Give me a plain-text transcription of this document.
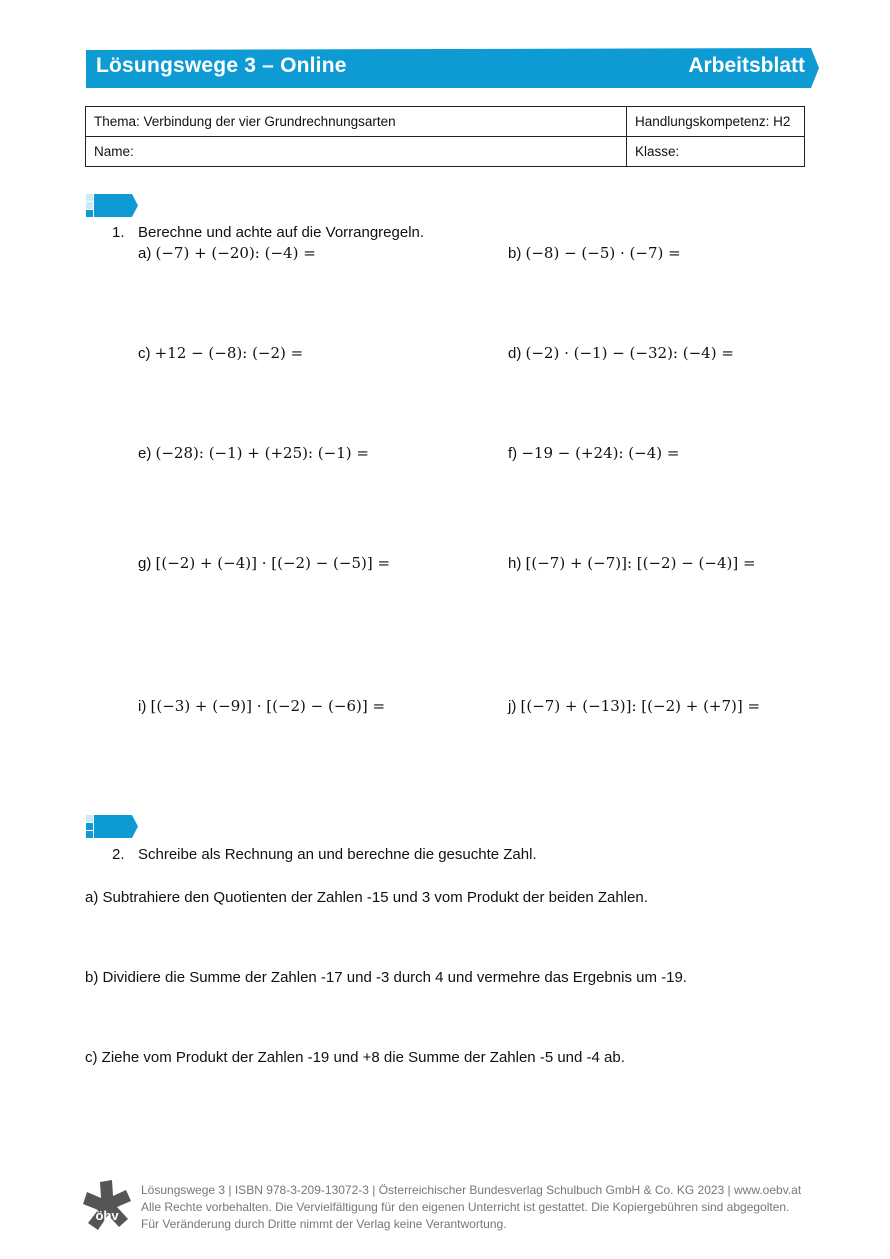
Lösungswege 3 – Online	Arbeitsblatt
Thema: Verbindung der vier Grundrechnungsarten	Handlungskompetenz: H2
Name:	Klasse:
1. Berechne und achte auf die Vorrangregeln.
a) (−7) + (−20): (−4) =	b) (−8) − (−5) · (−7) =
c) +12 − (−8): (−2) =	d) (−2) · (−1) − (−32): (−4) =
e) (−28): (−1) + (+25): (−1) =	f) −19 − (+24): (−4) =
g) [(−2) + (−4)] · [(−2) − (−5)] =	h) [(−7) + (−7)]: [(−2) − (−4)] =
i) [(−3) + (−9)] · [(−2) − (−6)] =	j) [(−7) + (−13)]: [(−2) + (+7)] =
2. Schreibe als Rechnung an und berechne die gesuchte Zahl.
a) Subtrahiere den Quotienten der Zahlen -15 und 3 vom Produkt der beiden Zahlen.
b) Dividiere die Summe der Zahlen -17 und -3 durch 4 und vermehre das Ergebnis um -19.
c) Ziehe vom Produkt der Zahlen -19 und +8 die Summe der Zahlen -5 und -4 ab.
öbv
Lösungswege 3 | ISBN 978-3-209-13072-3 | Österreichischer Bundesverlag Schulbuch GmbH & Co. KG 2023 | www.oebv.at
Alle Rechte vorbehalten. Die Vervielfältigung für den eigenen Unterricht ist gestattet. Die Kopiergebühren sind abgegolten.
Für Veränderung durch Dritte nimmt der Verlag keine Verantwortung.
